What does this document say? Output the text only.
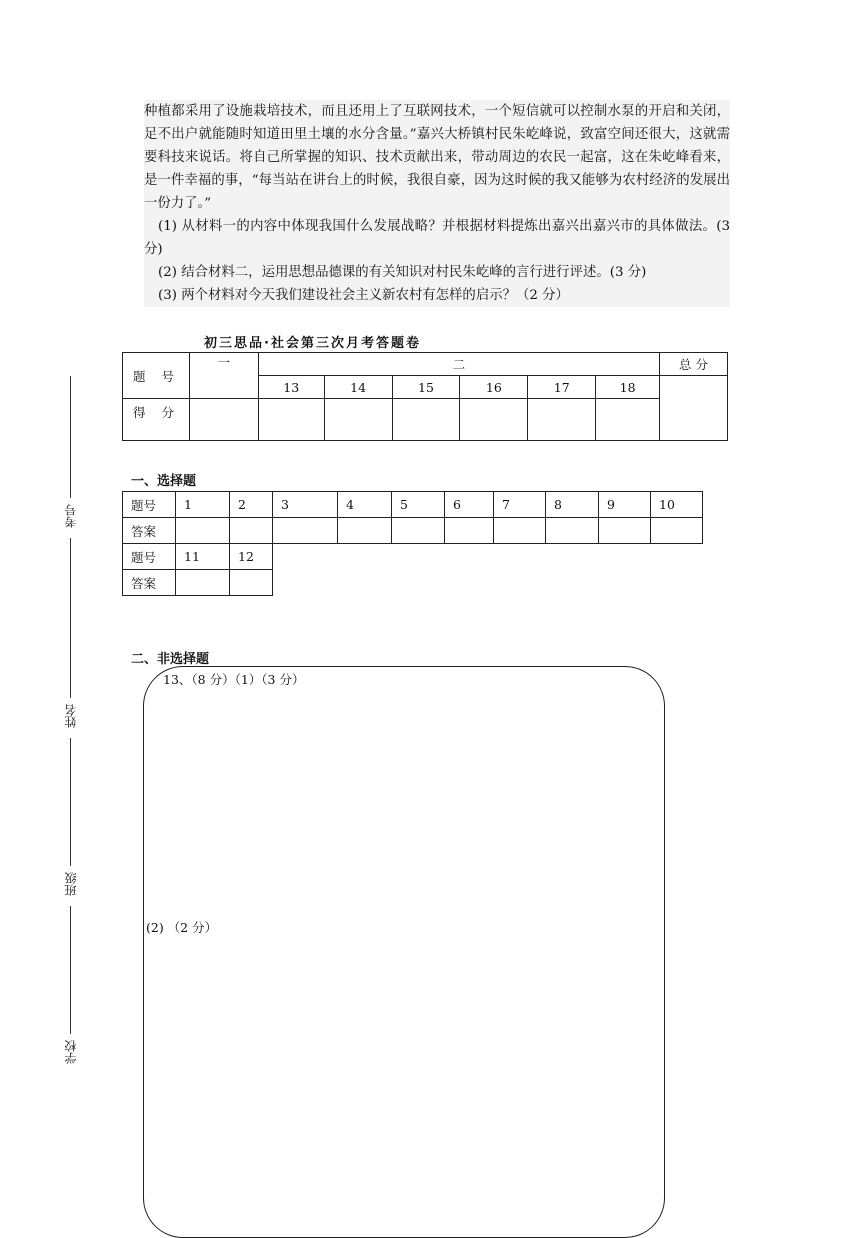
种植都采用了设施栽培技术，而且还用上了互联网技术，一个短信就可以控制水泵的开启和关闭，足不出户就能随时知道田里土壤的水分含量。”嘉兴大桥镇村民朱屹峰说，致富空间还很大，这就需要科技来说话。将自己所掌握的知识、技术贡献出来，带动周边的农民一起富，这在朱屹峰看来，是一件幸福的事，“每当站在讲台上的时候，我很自豪，因为这时候的我又能够为农村经济的发展出一份力了。”

(1) 从材料一的内容中体现我国什么发展战略？并根据材料提炼出嘉兴出嘉兴市的具体做法。(3 分)

(2) 结合材料二，运用思想品德课的有关知识对村民朱屹峰的言行进行评述。(3 分)

(3) 两个材料对今天我们建设社会主义新农村有怎样的启示？（2 分）

初三思品·社会第三次月考答题卷
题 号	一	二						总 分
		13	14	15	16	17	18	
得 分								
一、选择题
题号	1	2	3	4	5	6	7	8	9	10
答案										
题号	11	12								
答案										
二、非选择题
13、（8 分）（1）（3 分）
(2) （2 分）
考号
姓名
班级
学校
